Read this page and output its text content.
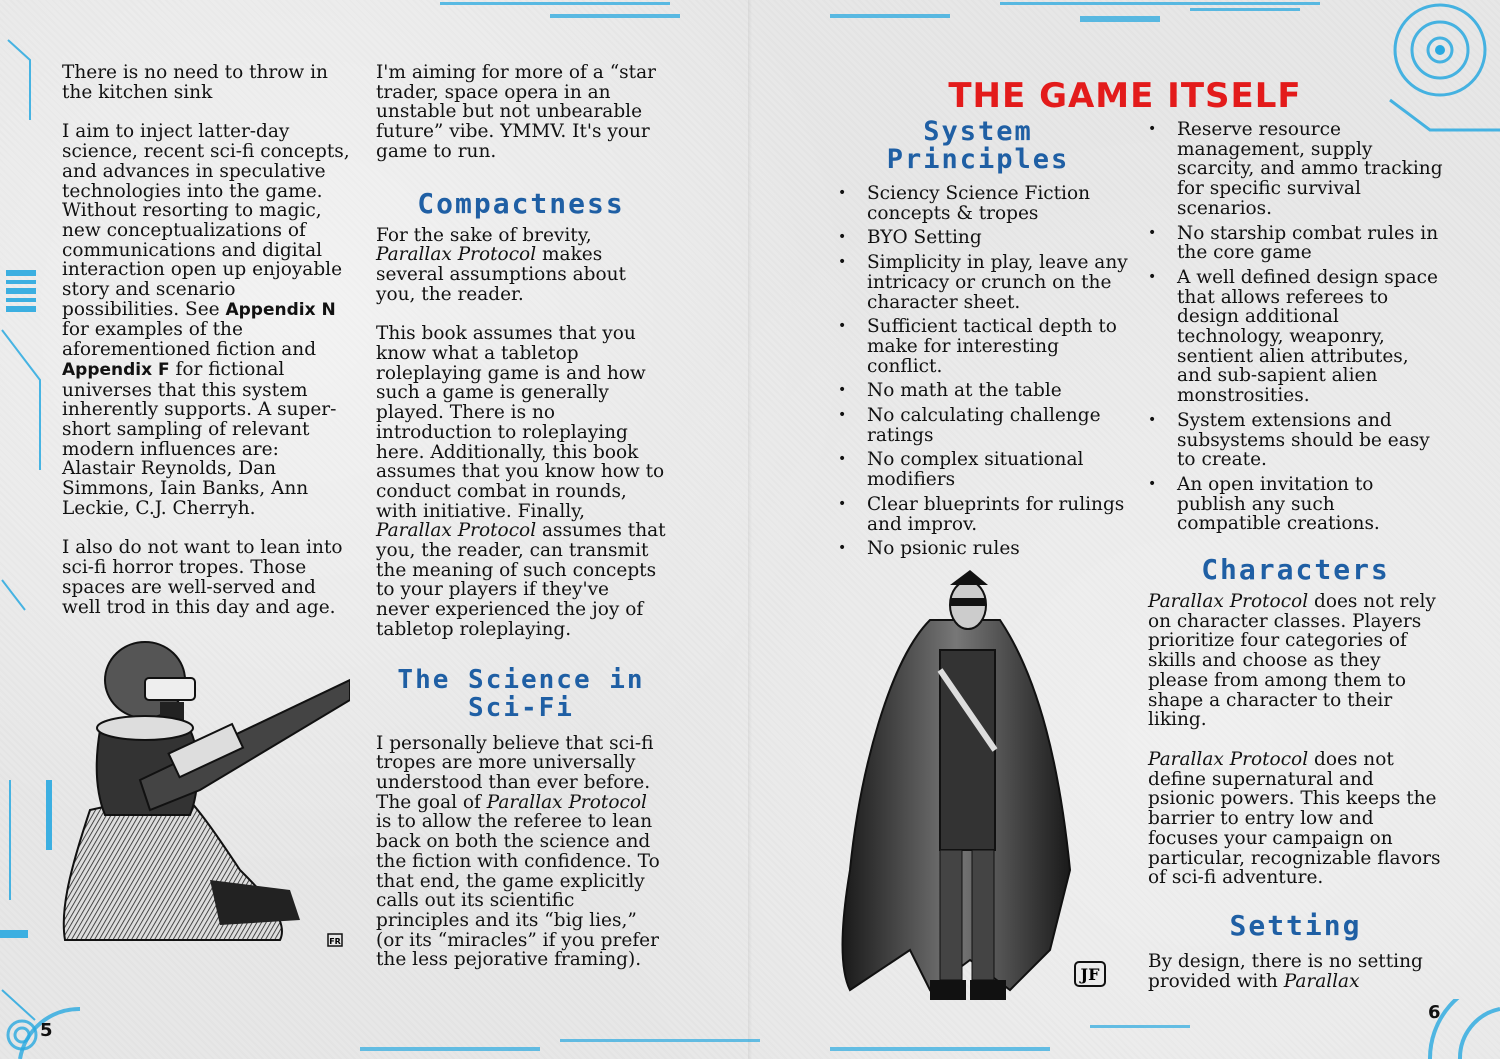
There is no need to throw in the kitchen sink

I aim to inject latter-day science, recent sci-fi concepts, and advances in speculative technologies into the game. Without resorting to magic, new conceptualizations of communications and digital interaction open up enjoyable story and scenario possibilities. See Appendix N for examples of the aforementioned fiction and Appendix F for fictional universes that this system inherently supports. A super-short sampling of relevant modern influences are: Alastair Reynolds, Dan Simmons, Iain Banks, Ann Leckie, C.J. Cherryh.

I also do not want to lean into sci-fi horror tropes. Those spaces are well-served and well trod in this day and age.

FR
5

I'm aiming for more of a “star trader, space opera in an unstable but not unbearable future” vibe. YMMV. It's your game to run.

Compactness

For the sake of brevity, Parallax Protocol makes several assumptions about you, the reader.

This book assumes that you know what a tabletop roleplaying game is and how such a game is generally played. There is no introduction to roleplaying here. Additionally, this book assumes that you know how to conduct combat in rounds, with initiative. Finally, Parallax Protocol assumes that you, the reader, can transmit the meaning of such concepts to your players if they've never experienced the joy of tabletop roleplaying.

The Science in
Sci-Fi

I personally believe that sci-fi tropes are more universally understood than ever before. The goal of Parallax Protocol is to allow the referee to lean back on both the science and the fiction with confidence. To that end, the game explicitly calls out its scientific principles and its “big lies,” (or its “miracles” if you prefer the less pejorative framing).

THE GAME ITSELF
System
Principles
• Sciency Science Fiction concepts & tropes
• BYO Setting
• Simplicity in play, leave any intricacy or crunch on the character sheet.
• Sufficient tactical depth to make for interesting conflict.
• No math at the table
• No calculating challenge ratings
• No complex situational modifiers
• Clear blueprints for rulings and improv.
• No psionic rules
JF
• Reserve resource management, supply scarcity, and ammo tracking for specific survival scenarios.
• No starship combat rules in the core game
• A well defined design space that allows referees to design additional technology, weaponry, sentient alien attributes, and sub-sapient alien monstrosities.
• System extensions and subsystems should be easy to create.
• An open invitation to publish any such compatible creations.
Characters

Parallax Protocol does not rely on character classes. Players prioritize four categories of skills and choose as they please from among them to shape a character to their liking.

Parallax Protocol does not define supernatural and psionic powers. This keeps the barrier to entry low and focuses your campaign on particular, recognizable flavors of sci-fi adventure.

Setting

By design, there is no setting provided with Parallax

6
